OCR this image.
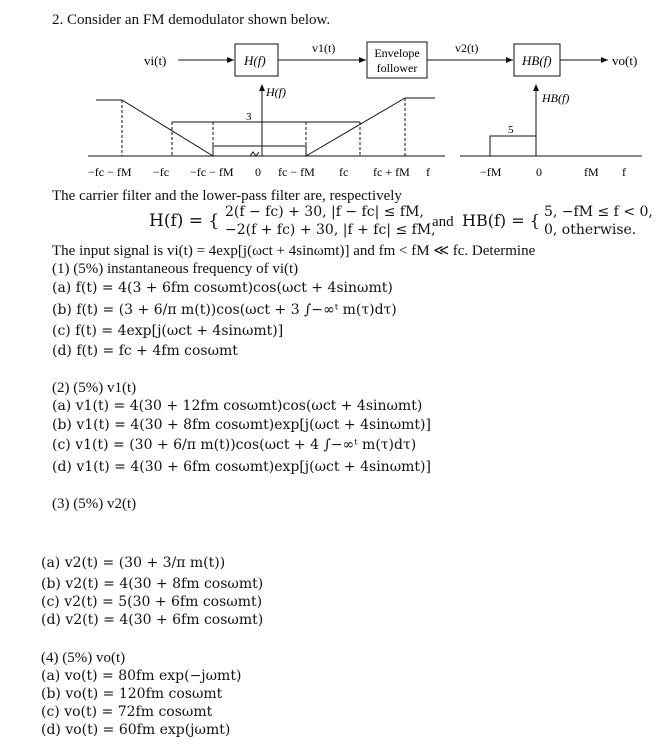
2. Consider an FM demodulator shown below.
vi(t)	H(f)
v1(t)	Envelope
follower
v2(t)
HB(f)	vo(t)
H(f)
3
−fc − fM −fc −fc − fM 0 fc − fM fc fc + fM f
HB(f)
5
−fM	0	fM f
The carrier filter and the lower-pass filter are, respectively
H(f) = { 2(f − fc) + 30, |f − fc| ≤ fM,
−2(f + fc) + 30, |f + fc| ≤ fM,
and HB(f) = { 5, −fM ≤ f < 0,
0, otherwise.
The input signal is vi(t) = 4exp[j(ωct + 4sinωmt)] and fm < fM ≪ fc. Determine
(1) (5%) instantaneous frequency of vi(t)
(a) f(t) = 4(3 + 6fm cosωmt)cos(ωct + 4sinωmt)
(b) f(t) = (3 + 6/π m(t))cos(ωct + 3 ∫−∞ᵗ m(τ)dτ)
(c) f(t) = 4exp[j(ωct + 4sinωmt)]
(d) f(t) = fc + 4fm cosωmt
(2) (5%) v1(t)
(a) v1(t) = 4(30 + 12fm cosωmt)cos(ωct + 4sinωmt)
(b) v1(t) = 4(30 + 8fm cosωmt)exp[j(ωct + 4sinωmt)]
(c) v1(t) = (30 + 6/π m(t))cos(ωct + 4 ∫−∞ᵗ m(τ)dτ)
(d) v1(t) = 4(30 + 6fm cosωmt)exp[j(ωct + 4sinωmt)]
(3) (5%) v2(t)
(a) v2(t) = (30 + 3/π m(t))
(b) v2(t) = 4(30 + 8fm cosωmt)
(c) v2(t) = 5(30 + 6fm cosωmt)
(d) v2(t) = 4(30 + 6fm cosωmt)
(4) (5%) vo(t)
(a) vo(t) = 80fm exp(−jωmt)
(b) vo(t) = 120fm cosωmt
(c) vo(t) = 72fm cosωmt
(d) vo(t) = 60fm exp(jωmt)
